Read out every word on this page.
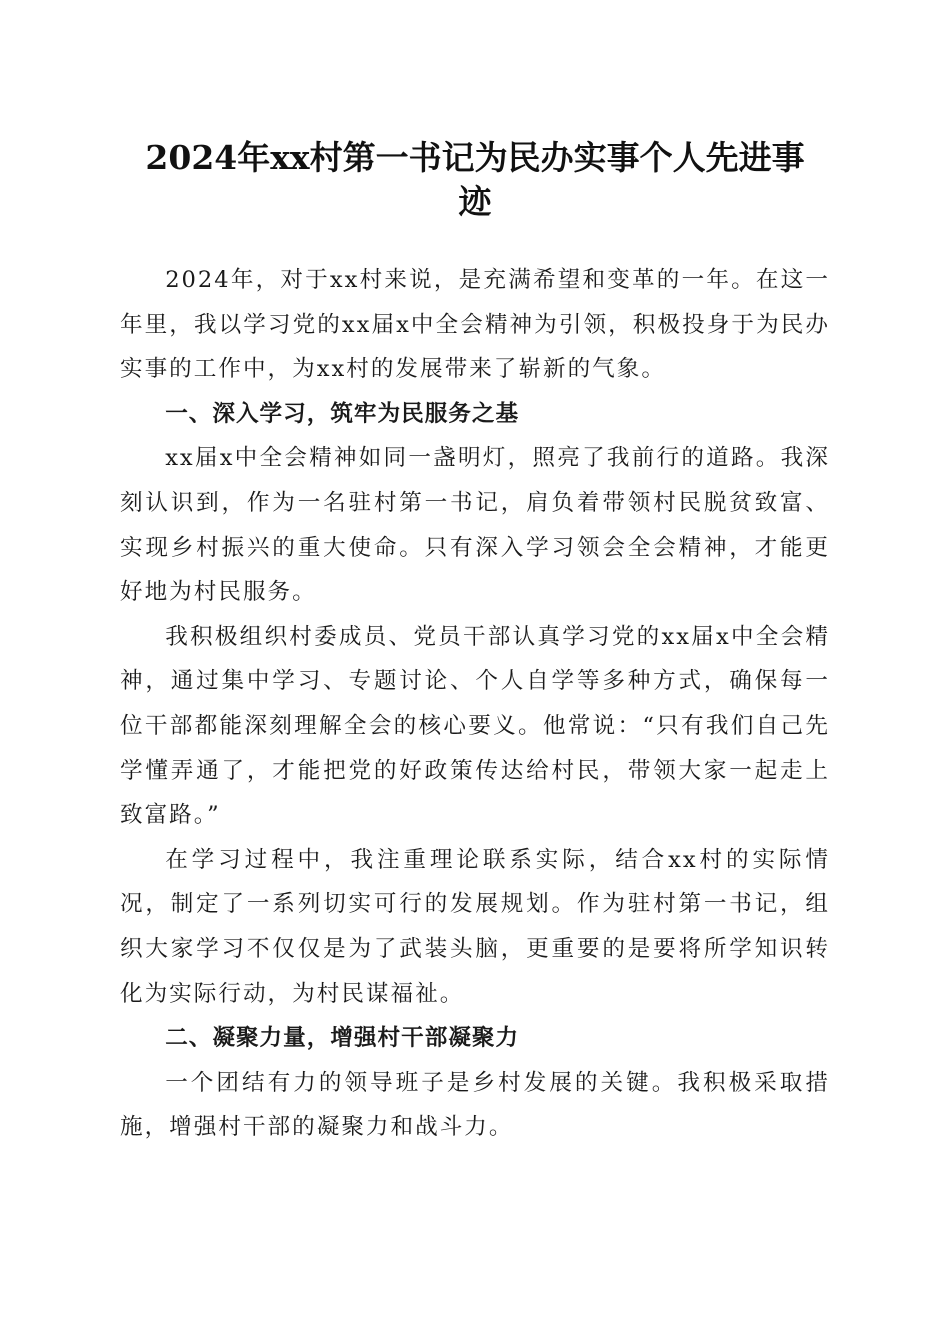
2024年xx村第一书记为民办实事个人先进事
迹

2024年，对于xx村来说，是充满希望和变革的一年。在这一年里，我以学习党的xx届x中全会精神为引领，积极投身于为民办实事的工作中，为xx村的发展带来了崭新的气象。

一、深入学习，筑牢为民服务之基

xx届x中全会精神如同一盏明灯，照亮了我前行的道路。我深刻认识到，作为一名驻村第一书记，肩负着带领村民脱贫致富、实现乡村振兴的重大使命。只有深入学习领会全会精神，才能更好地为村民服务。

我积极组织村委成员、党员干部认真学习党的xx届x中全会精神，通过集中学习、专题讨论、个人自学等多种方式，确保每一位干部都能深刻理解全会的核心要义。他常说：“只有我们自己先学懂弄通了，才能把党的好政策传达给村民，带领大家一起走上致富路。”

在学习过程中，我注重理论联系实际，结合xx村的实际情况，制定了一系列切实可行的发展规划。作为驻村第一书记，组织大家学习不仅仅是为了武装头脑，更重要的是要将所学知识转化为实际行动，为村民谋福祉。

二、凝聚力量，增强村干部凝聚力

一个团结有力的领导班子是乡村发展的关键。我积极采取措施，增强村干部的凝聚力和战斗力。
